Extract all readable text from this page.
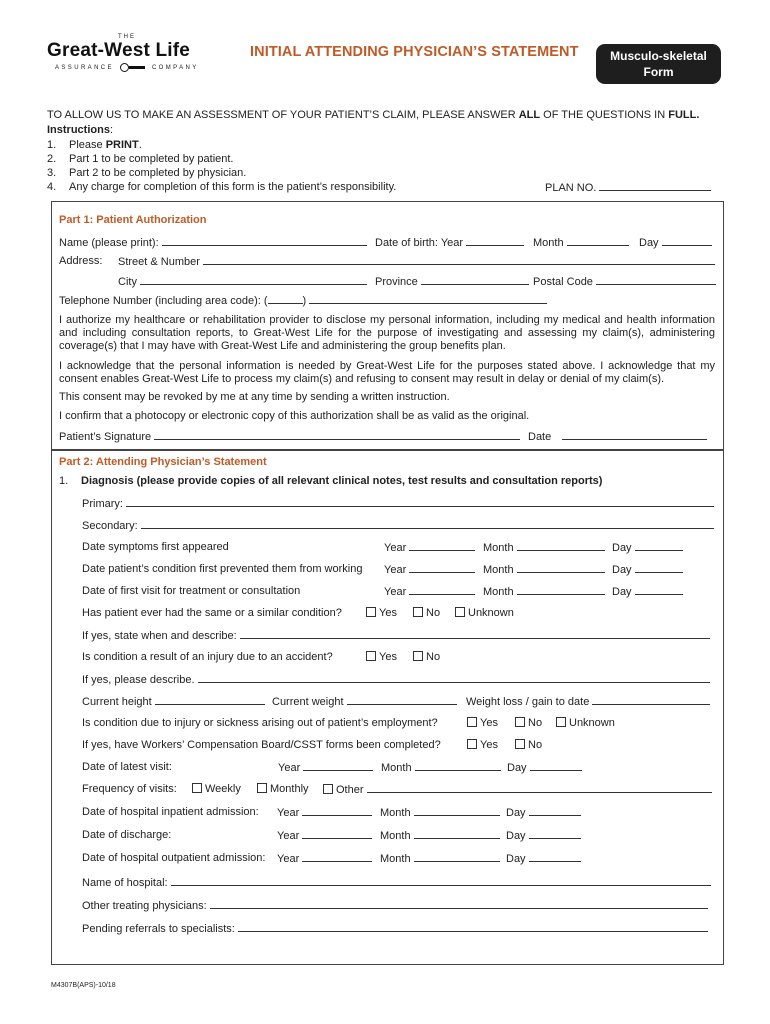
THE
Great-West Life
ASSURANCE	COMPANY
INITIAL ATTENDING PHYSICIAN’S STATEMENT	Musculo-skeletal
Form
TO ALLOW US TO MAKE AN ASSESSMENT OF YOUR PATIENT’S CLAIM, PLEASE ANSWER ALL OF THE QUESTIONS IN FULL.
Instructions:
1. Please PRINT.
2. Part 1 to be completed by patient.
3. Part 2 to be completed by physician.
4. Any charge for completion of this form is the patient’s responsibility.	PLAN NO.
Part 1: Patient Authorization
Name (please print):	Date of birth: Year	Month	Day
Address: Street & Number
City	Province	Postal Code
Telephone Number (including area code): (	)
I authorize my healthcare or rehabilitation provider to disclose my personal information, including my medical and health information and including consultation reports, to Great-West Life for the purpose of investigating and assessing my claim(s), administering coverage(s) that I may have with Great-West Life and administering the group benefits plan.
I acknowledge that the personal information is needed by Great-West Life for the purposes stated above. I acknowledge that my consent enables Great-West Life to process my claim(s) and refusing to consent may result in delay or denial of my claim(s).
This consent may be revoked by me at any time by sending a written instruction.
I confirm that a photocopy or electronic copy of this authorization shall be as valid as the original.
Patient’s Signature	Date
Part 2: Attending Physician’s Statement
1. Diagnosis (please provide copies of all relevant clinical notes, test results and consultation reports)
Primary:
Secondary:
Date symptoms first appeared	Year	Month	Day
Date patient’s condition first prevented them from working Year	Month	Day
Date of first visit for treatment or consultation	Year	Month	Day
Has patient ever had the same or a similar condition?	Yes	No	Unknown
If yes, state when and describe:
Is condition a result of an injury due to an accident?	Yes	No
If yes, please describe.
Current height	Current weight	Weight loss / gain to date
Is condition due to injury or sickness arising out of patient’s employment?	Yes	No	Unknown
If yes, have Workers’ Compensation Board/CSST forms been completed?	Yes	No
Date of latest visit:	Year	Month	Day
Frequency of visits:	Weekly	Monthly	Other
Date of hospital inpatient admission: Year	Month	Day
Date of discharge:	Year	Month	Day
Date of hospital outpatient admission: Year	Month	Day
Name of hospital:
Other treating physicians:
Pending referrals to specialists:
M4307B(APS)-10/18
